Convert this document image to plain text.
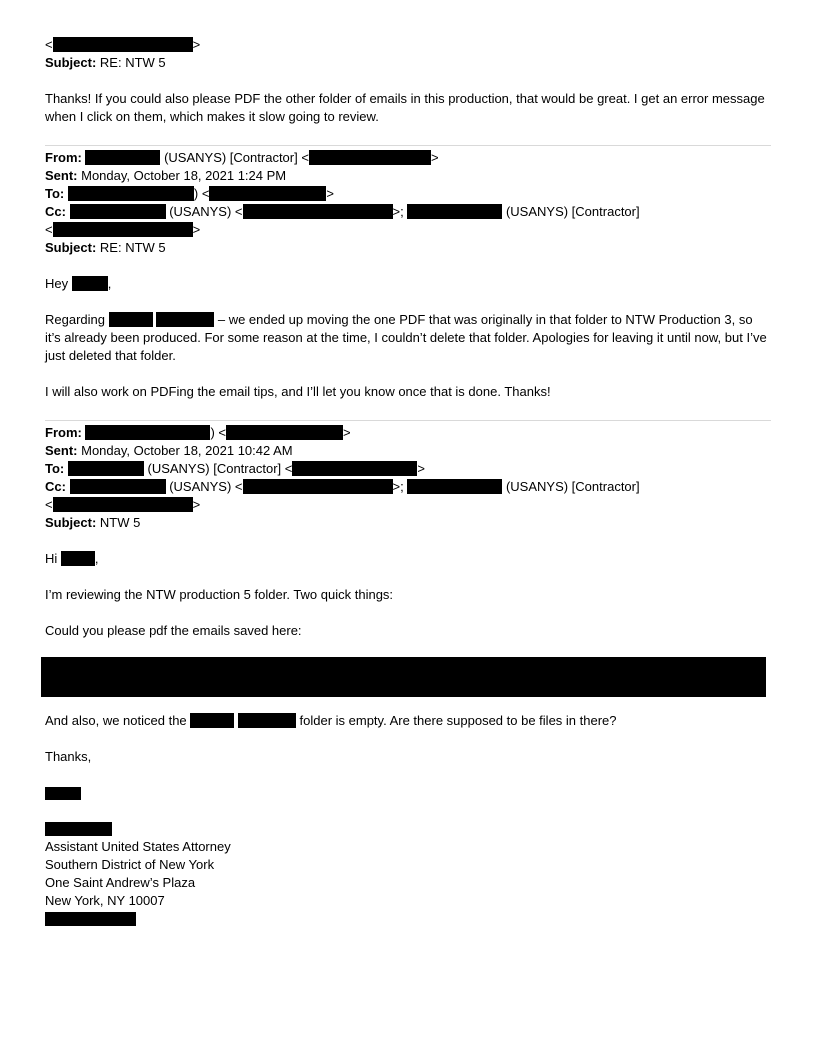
<	>
Subject: RE: NTW 5
Thanks! If you could also please PDF the other folder of emails in this production, that would be great. I get an error message when I click on them, which makes it slow going to review.
From:	(USANYS) [Contractor] <	>
Sent: Monday, October 18, 2021 1:24 PM
To:	) <	>
Cc:	(USANYS) <	>;	(USANYS) [Contractor]
<	>
Subject: RE: NTW 5
Hey	,
Regarding	– we ended up moving the one PDF that was originally in that folder to NTW Production 3, so it’s already been produced. For some reason at the time, I couldn’t delete that folder. Apologies for leaving it until now, but I’ve just deleted that folder.
I will also work on PDFing the email tips, and I’ll let you know once that is done. Thanks!
From:	) <	>
Sent: Monday, October 18, 2021 10:42 AM
To:	(USANYS) [Contractor] <	>
Cc:	(USANYS) <	>;	(USANYS) [Contractor]
<	>
Subject: NTW 5
Hi	,
I’m reviewing the NTW production 5 folder. Two quick things:
Could you please pdf the emails saved here:
And also, we noticed the	folder is empty. Are there supposed to be files in there?
Thanks,
Assistant United States Attorney
Southern District of New York
One Saint Andrew’s Plaza
New York, NY 10007
